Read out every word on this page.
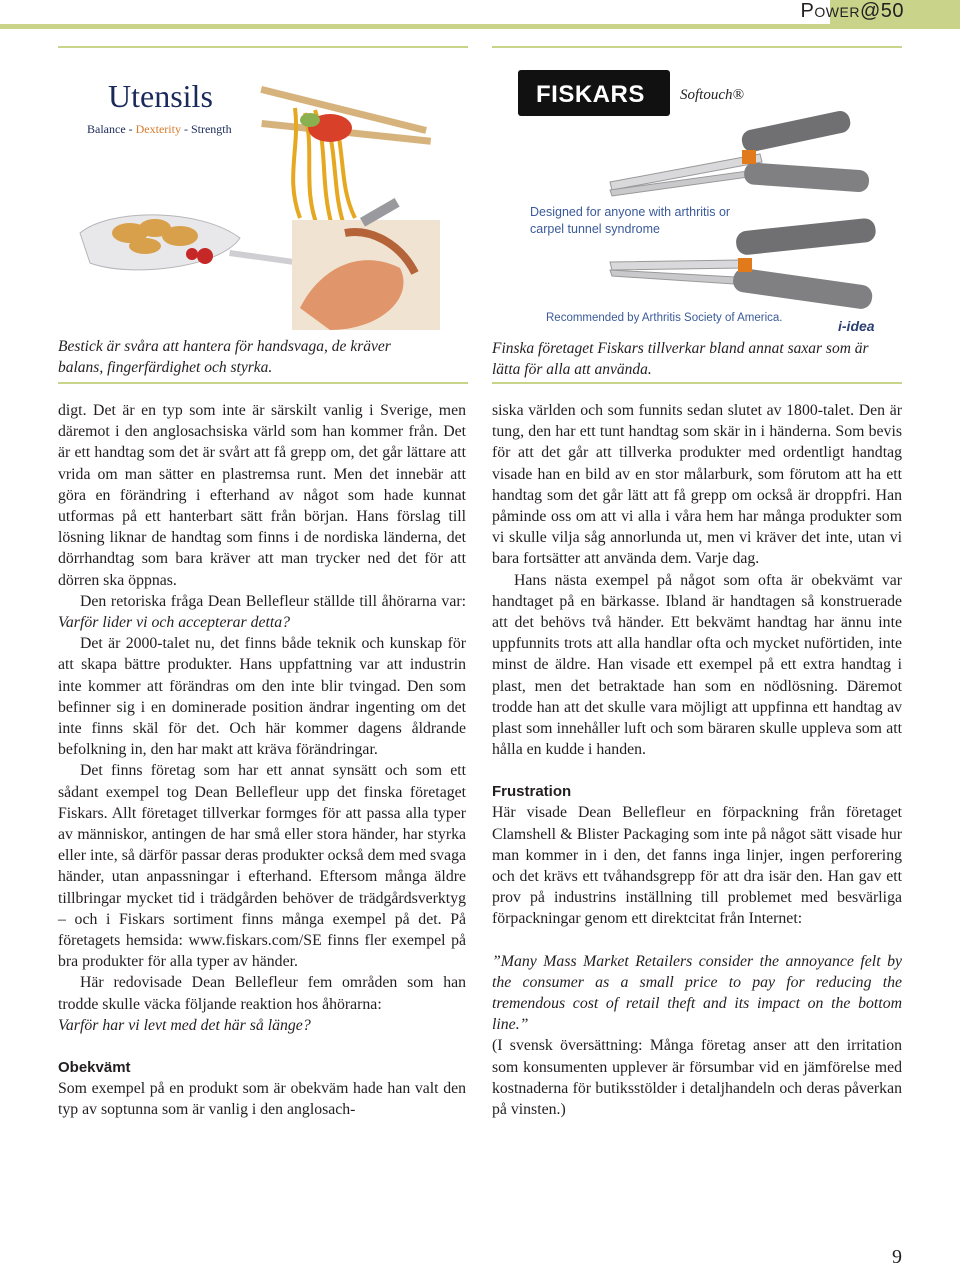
Power@50
Utensils
Balance - Dexterity - Strength
FISKARS Softouch®
Designed for anyone with arthritis or carpel tunnel syndrome
Recommended by Arthritis Society of America.	i-idea
Bestick är svåra att hantera för handsvaga, de kräver balans, fingerfärdighet och styrka.
Finska företaget Fiskars tillverkar bland annat saxar som är lätta för alla att använda.

digt. Det är en typ som inte är särskilt vanlig i Sverige, men däremot i den anglosachsiska värld som han kommer från. Det är ett handtag som det är svårt att få grepp om, det går lättare att vrida om man sätter en plastremsa runt. Men det innebär att göra en förändring i efterhand av något som hade kunnat utformas på ett hanterbart sätt från början. Hans förslag till lösning liknar de handtag som finns i de nordiska länderna, det dörrhandtag som bara kräver att man trycker ned det för att dörren ska öppnas.

Den retoriska fråga Dean Bellefleur ställde till åhörarna var: Varför lider vi och accepterar detta?

Det är 2000-talet nu, det finns både teknik och kunskap för att skapa bättre produkter. Hans uppfattning var att industrin inte kommer att förändras om den inte blir tvingad. Den som befinner sig i en dominerade position ändrar ingenting om det inte finns skäl för det. Och här kommer dagens åldrande befolkning in, den har makt att kräva förändringar.

Det finns företag som har ett annat synsätt och som ett sådant exempel tog Dean Bellefleur upp det finska företaget Fiskars. Allt företaget tillverkar formges för att passa alla typer av människor, antingen de har små eller stora händer, har styrka eller inte, så därför passar deras produkter också dem med svaga händer, utan anpassningar i efterhand. Eftersom många äldre tillbringar mycket tid i trädgården behöver de trädgårdsverktyg – och i Fiskars sortiment finns många exempel på det. På företagets hemsida: www.fiskars.com/SE finns fler exempel på bra produkter för alla typer av händer.

Här redovisade Dean Bellefleur fem områden som han trodde skulle väcka följande reaktion hos åhörarna:
Varför har vi levt med det här så länge?

Obekvämt

Som exempel på en produkt som är obekväm hade han valt den typ av soptunna som är vanlig i den anglosach-

siska världen och som funnits sedan slutet av 1800-talet. Den är tung, den har ett tunt handtag som skär in i händerna. Som bevis för att det går att tillverka produkter med ordentligt handtag visade han en bild av en stor målarburk, som förutom att ha ett handtag som det går lätt att få grepp om också är droppfri. Han påminde oss om att vi alla i våra hem har många produkter som vi skulle vilja såg annorlunda ut, men vi kräver det inte, utan vi bara fortsätter att använda dem. Varje dag.

Hans nästa exempel på något som ofta är obekvämt var handtaget på en bärkasse. Ibland är handtagen så konstruerade att det behövs två händer. Ett bekvämt handtag har ännu inte uppfunnits trots att alla handlar ofta och mycket nuförtiden, inte minst de äldre. Han visade ett exempel på ett extra handtag i plast, men det betraktade han som en nödlösning. Däremot trodde han att det skulle vara möjligt att uppfinna ett handtag av plast som innehåller luft och som bäraren skulle uppleva som att hålla en kudde i handen.

Frustration

Här visade Dean Bellefleur en förpackning från företaget Clamshell & Blister Packaging som inte på något sätt visade hur man kommer in i den, det fanns inga linjer, ingen perforering och det krävs ett tvåhandsgrepp för att dra isär den. Han gav ett prov på industrins inställning till problemet med besvärliga förpackningar genom ett direktcitat från Internet:

”Many Mass Market Retailers consider the annoyance felt by the consumer as a small price to pay for reducing the tremendous cost of retail theft and its impact on the bottom line.”

(I svensk översättning: Många företag anser att den irritation som konsumenten upplever är försumbar vid en jämförelse med kostnaderna för butiksstölder i detaljhandeln och deras påverkan på vinsten.)

9
